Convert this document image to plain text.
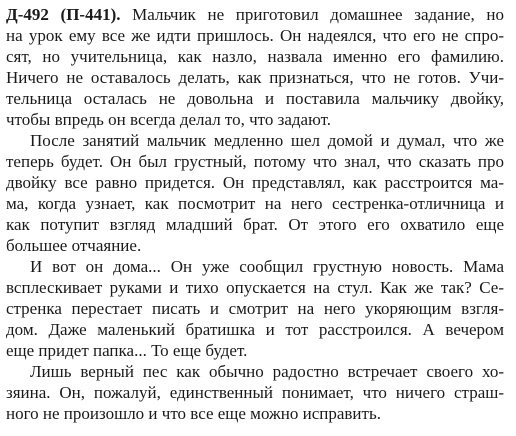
Д-492 (П-441). Мальчик не приготовил домашнее задание, но
на урок ему все же идти пришлось. Он надеялся, что его не спро-
сят, но учительница, как назло, назвала именно его фамилию.
Ничего не оставалось делать, как признаться, что не готов. Учи-
тельница осталась не довольна и поставила мальчику двойку,
чтобы впредь он всегда делал то, что задают.
После занятий мальчик медленно шел домой и думал, что же
теперь будет. Он был грустный, потому что знал, что сказать про
двойку все равно придется. Он представлял, как расстроится ма-
ма, когда узнает, как посмотрит на него сестренка-отличница и
как потупит взгляд младший брат. От этого его охватило еще
большее отчаяние.
И вот он дома... Он уже сообщил грустную новость. Мама
всплескивает руками и тихо опускается на стул. Как же так? Се-
стренка перестает писать и смотрит на него укоряющим взгля-
дом. Даже маленький братишка и тот расстроился. А вечером
еще придет папка... То еще будет.
Лишь верный пес как обычно радостно встречает своего хо-
зяина. Он, пожалуй, единственный понимает, что ничего страш-
ного не произошло и что все еще можно исправить.
